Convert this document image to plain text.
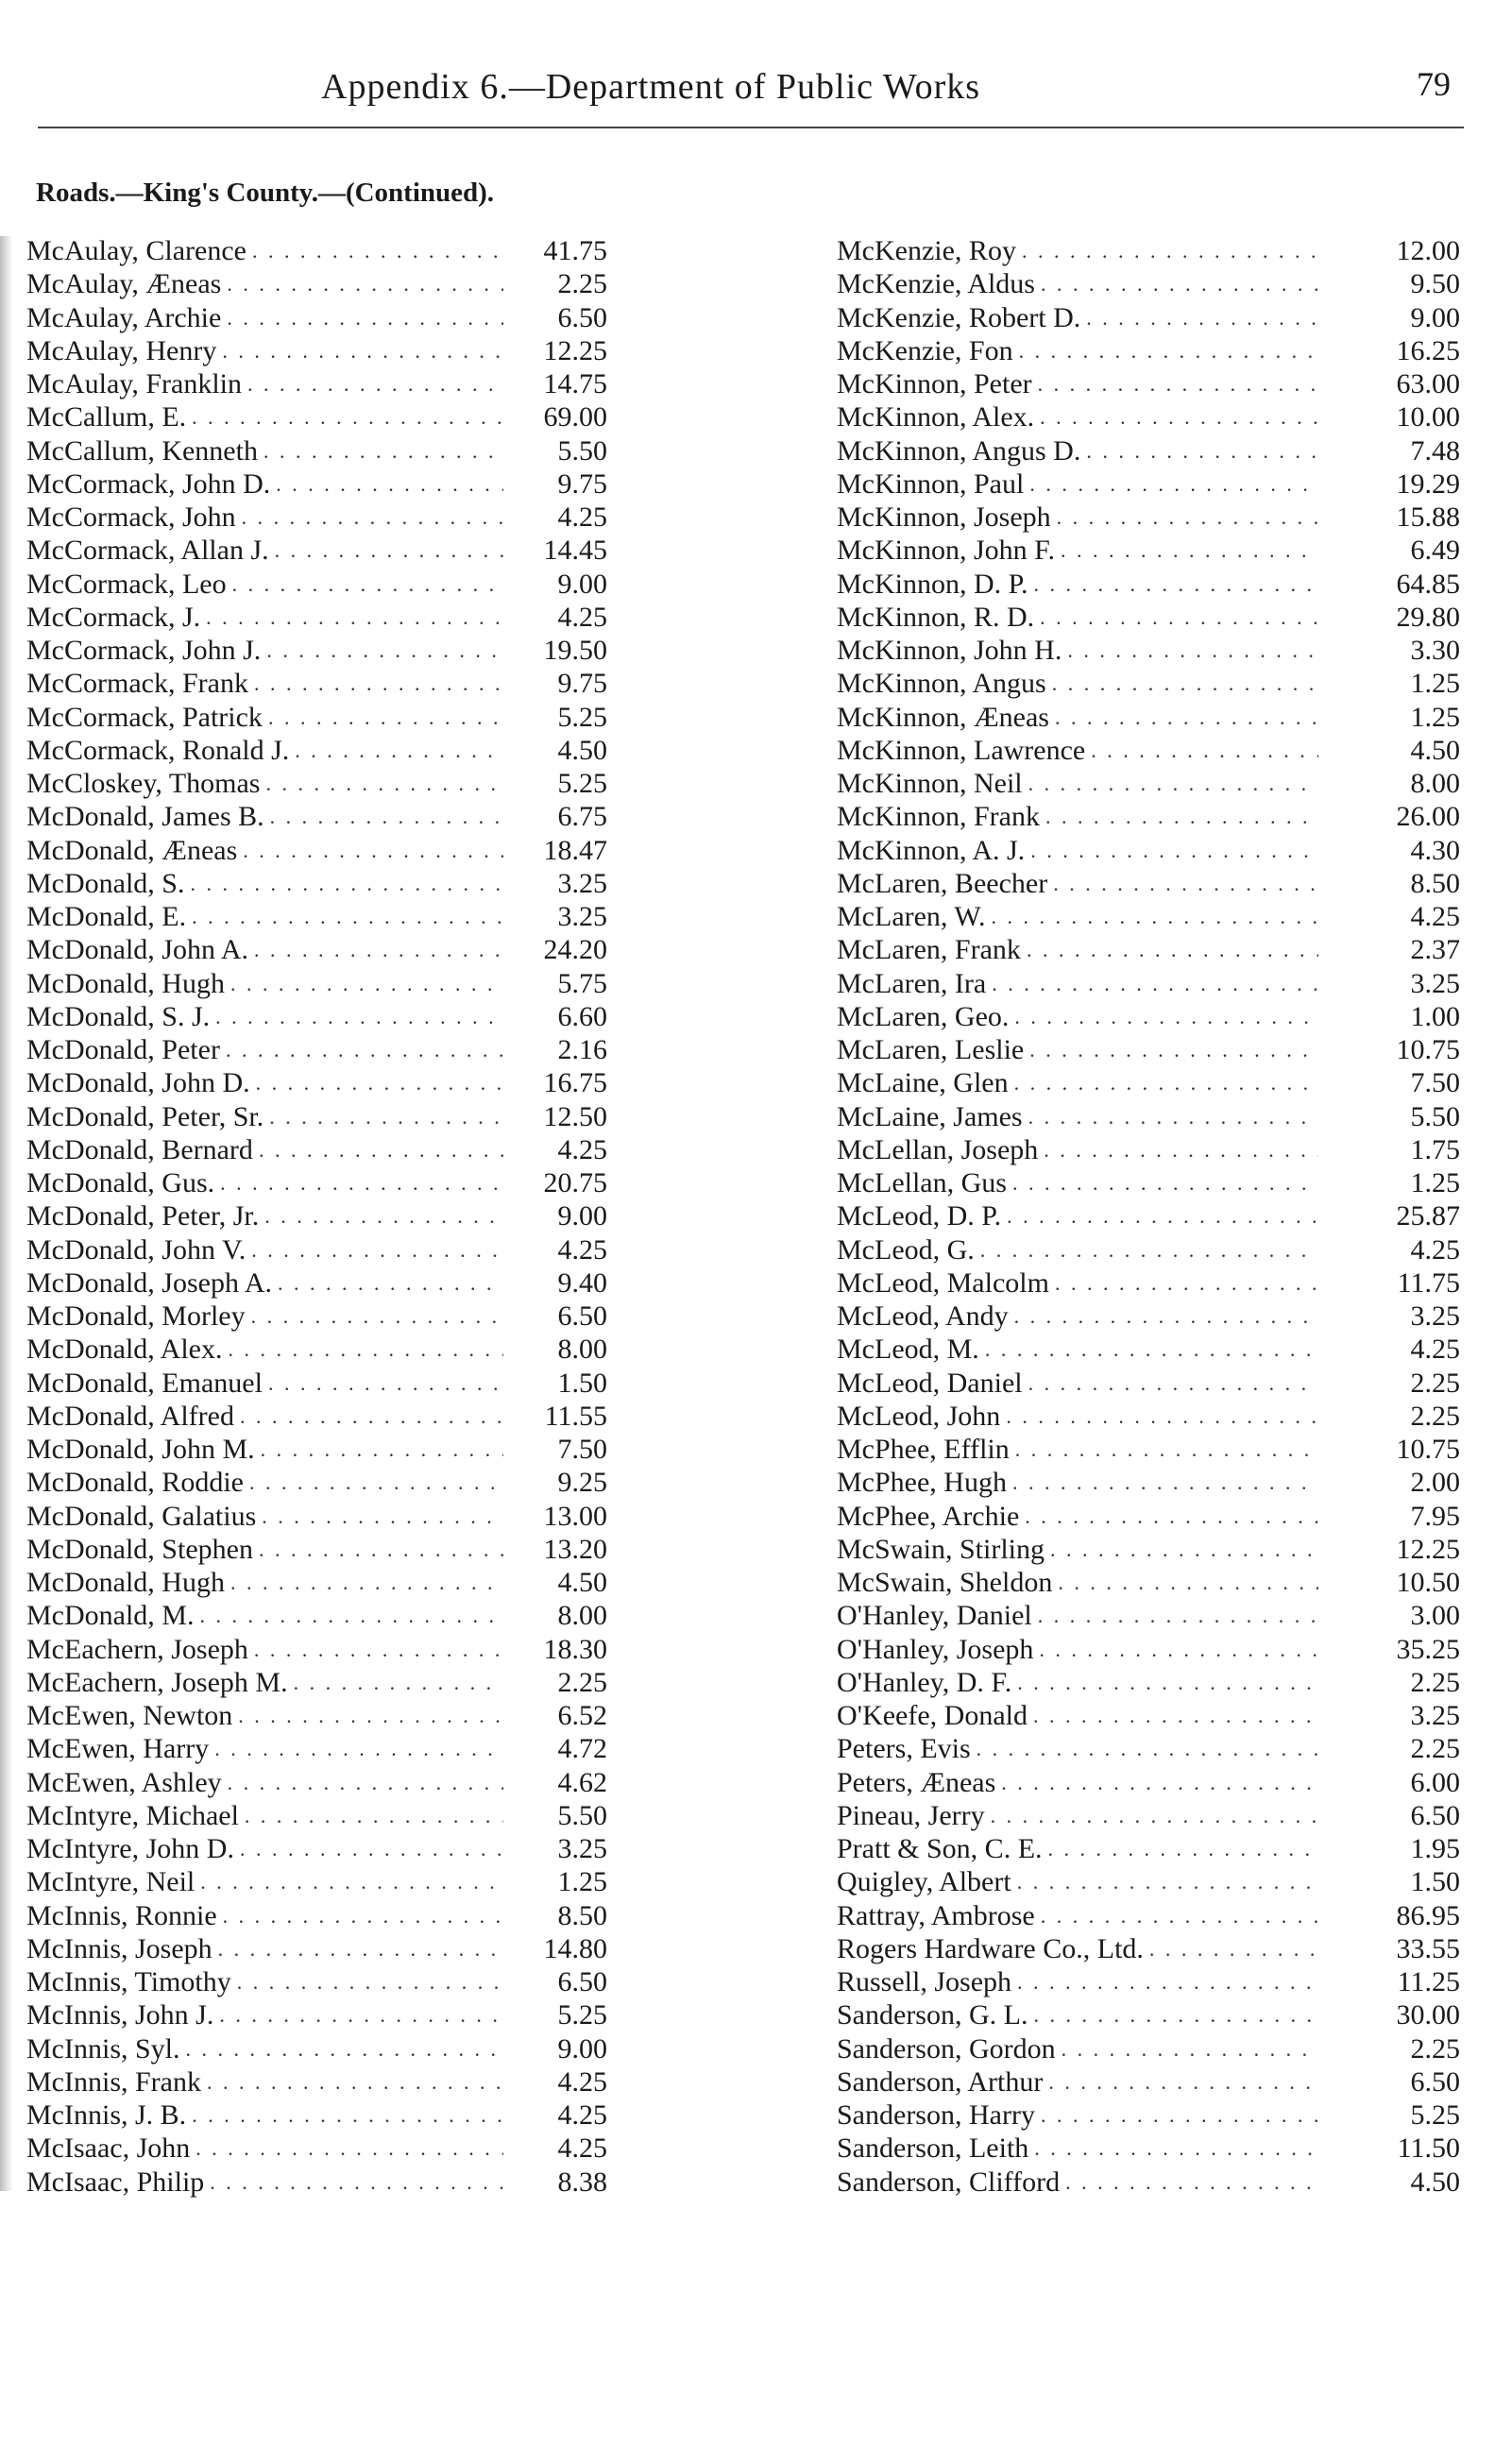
Appendix 6.—Department of Public Works	79
Roads.—King's County.—(Continued).
McAulay, Clarence . . .	41.75
McAulay, Æneas . . .	2.25
McAulay, Archie . . .	6.50
McAulay, Henry . . .	12.25
McAulay, Franklin . . .	14.75
McCallum, E. . . .	69.00
McCallum, Kenneth . . .	5.50
McCormack, John D. . . .	9.75
McCormack, John . . .	4.25
McCormack, Allan J. . . .	14.45
McCormack, Leo . . .	9.00
McCormack, J. . . .	4.25
McCormack, John J. . . .	19.50
McCormack, Frank . . .	9.75
McCormack, Patrick . . .	5.25
McCormack, Ronald J. . . .	4.50
McCloskey, Thomas . . .	5.25
McDonald, James B. . . .	6.75
McDonald, Æneas . . .	18.47
McDonald, S. . . .	3.25
McDonald, E. . . .	3.25
McDonald, John A. . . .	24.20
McDonald, Hugh . . .	5.75
McDonald, S. J. . . .	6.60
McDonald, Peter . . .	2.16
McDonald, John D. . . .	16.75
McDonald, Peter, Sr. . . .	12.50
McDonald, Bernard . . .	4.25
McDonald, Gus. . . .	20.75
McDonald, Peter, Jr. . . .	9.00
McDonald, John V. . . .	4.25
McDonald, Joseph A. . . .	9.40
McDonald, Morley . . .	6.50
McDonald, Alex. . . .	8.00
McDonald, Emanuel . . .	1.50
McDonald, Alfred . . .	11.55
McDonald, John M. . . .	7.50
McDonald, Roddie . . .	9.25
McDonald, Galatius . . .	13.00
McDonald, Stephen . . .	13.20
McDonald, Hugh . . .	4.50
McDonald, M. . . .	8.00
McEachern, Joseph . . .	18.30
McEachern, Joseph M. . . .	2.25
McEwen, Newton . . .	6.52
McEwen, Harry . . .	4.72
McEwen, Ashley . . .	4.62
McIntyre, Michael . . .	5.50
McIntyre, John D. . . .	3.25
McIntyre, Neil . . .	1.25
McInnis, Ronnie . . .	8.50
McInnis, Joseph . . .	14.80
McInnis, Timothy . . .	6.50
McInnis, John J. . . .	5.25
McInnis, Syl. . . .	9.00
McInnis, Frank . . .	4.25
McInnis, J. B. . . .	4.25
McIsaac, John . . .	4.25
McIsaac, Philip . . .	8.38
McKenzie, Roy . . .	12.00
McKenzie, Aldus . . .	9.50
McKenzie, Robert D. . . .	9.00
McKenzie, Fon . . .	16.25
McKinnon, Peter . . .	63.00
McKinnon, Alex. . . .	10.00
McKinnon, Angus D. . . .	7.48
McKinnon, Paul . . .	19.29
McKinnon, Joseph . . .	15.88
McKinnon, John F. . . .	6.49
McKinnon, D. P. . . .	64.85
McKinnon, R. D. . . .	29.80
McKinnon, John H. . . .	3.30
McKinnon, Angus . . .	1.25
McKinnon, Æneas . . .	1.25
McKinnon, Lawrence . . .	4.50
McKinnon, Neil . . .	8.00
McKinnon, Frank . . .	26.00
McKinnon, A. J. . . .	4.30
McLaren, Beecher . . .	8.50
McLaren, W. . . .	4.25
McLaren, Frank . . .	2.37
McLaren, Ira . . .	3.25
McLaren, Geo. . . .	1.00
McLaren, Leslie . . .	10.75
McLaine, Glen . . .	7.50
McLaine, James . . .	5.50
McLellan, Joseph . . .	1.75
McLellan, Gus . . .	1.25
McLeod, D. P. . . .	25.87
McLeod, G. . . .	4.25
McLeod, Malcolm . . .	11.75
McLeod, Andy . . .	3.25
McLeod, M. . . .	4.25
McLeod, Daniel . . .	2.25
McLeod, John . . .	2.25
McPhee, Efflin . . .	10.75
McPhee, Hugh . . .	2.00
McPhee, Archie . . .	7.95
McSwain, Stirling . . .	12.25
McSwain, Sheldon . . .	10.50
O'Hanley, Daniel . . .	3.00
O'Hanley, Joseph . . .	35.25
O'Hanley, D. F. . . .	2.25
O'Keefe, Donald . . .	3.25
Peters, Evis . . .	2.25
Peters, Æneas . . .	6.00
Pineau, Jerry . . .	6.50
Pratt & Son, C. E. . . .	1.95
Quigley, Albert . . .	1.50
Rattray, Ambrose . . .	86.95
Rogers Hardware Co., Ltd. . . .	33.55
Russell, Joseph . . .	11.25
Sanderson, G. L. . . .	30.00
Sanderson, Gordon . . .	2.25
Sanderson, Arthur . . .	6.50
Sanderson, Harry . . .	5.25
Sanderson, Leith . . .	11.50
Sanderson, Clifford . . .	4.50
